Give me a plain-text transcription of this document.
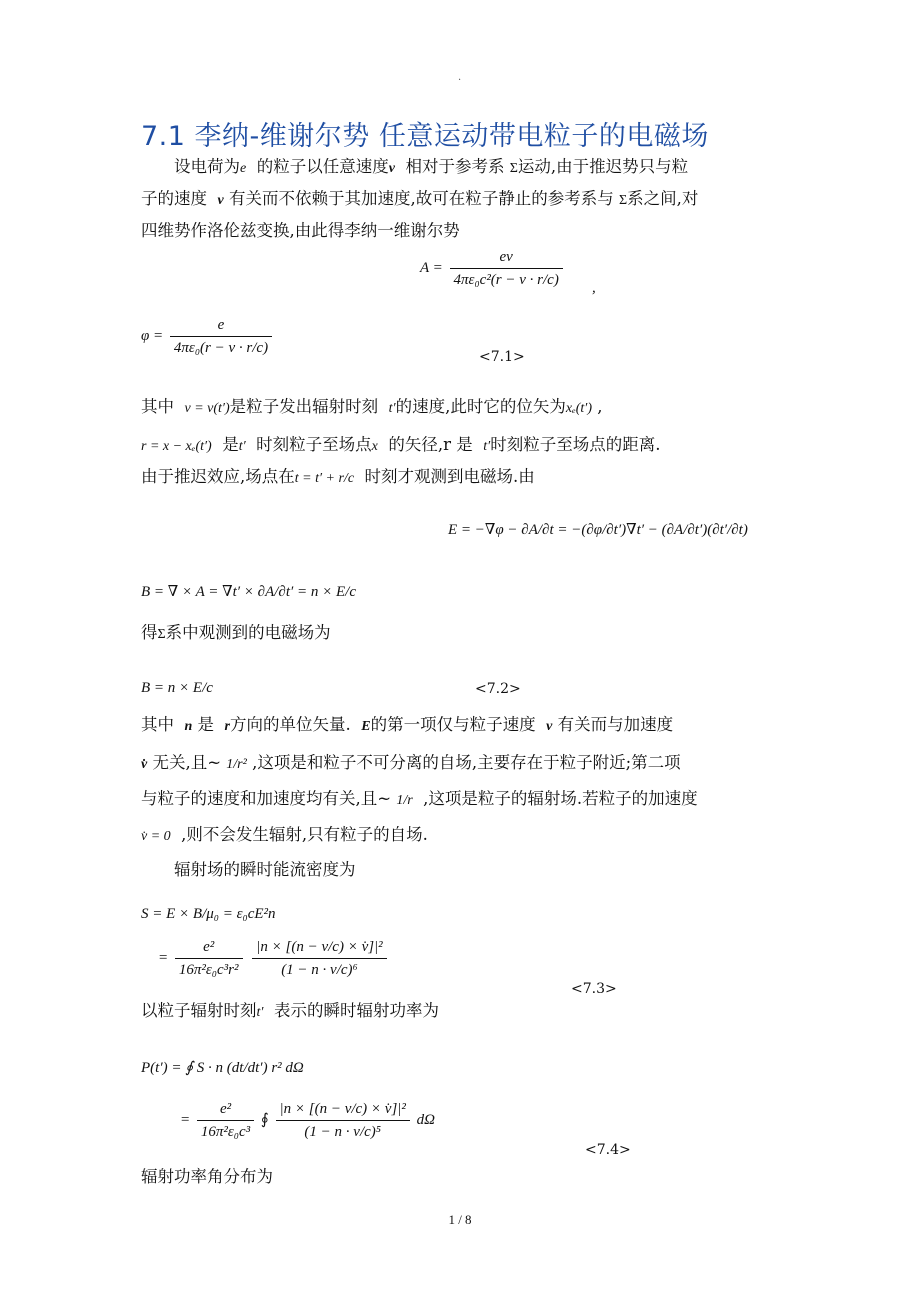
.
7.1 李纳-维谢尔势 任意运动带电粒子的电磁场
设电荷为e 的粒子以任意速度v 相对于参考系 Σ运动,由于推迟势只与粒
子的速度 v 有关而不依赖于其加速度,故可在粒子静止的参考系与 Σ系之间,对
四维势作洛伦兹变换,由此得李纳一维谢尔势
$A = \frac{ev}{\text{4πε₀c²(r − v · r/c)}}$ ,
$\varphi = \frac{e}{\text{4πε₀(r − v · r/c)}}$	<7.1>
其中 v = v(t′)是粒子发出辐射时刻 t′的速度,此时它的位矢为xₑ(t′) ,
r = x − xₑ(t′) 是t′ 时刻粒子至场点x 的矢径,r 是 t′时刻粒子至场点的距离.
由于推迟效应,场点在t = t′ + r/c 时刻才观测到电磁场.由
E = −∇φ − ∂A/∂t = −(∂φ/∂t′)∇t′ − (∂A/∂t′)(∂t′/∂t)
B = ∇ × A = ∇t′ × ∂A/∂t′ = n × E/c
得Σ系中观测到的电磁场为
B = n × E/c	<7.2>
其中 n 是 r方向的单位矢量. E的第一项仅与粒子速度 v 有关而与加速度
v̇ 无关,且~ 1/r² ,这项是和粒子不可分离的自场,主要存在于粒子附近;第二项
与粒子的速度和加速度均有关,且~ 1/r ,这项是粒子的辐射场.若粒子的加速度
v̇ = 0 ,则不会发生辐射,只有粒子的自场.
辐射场的瞬时能流密度为
S = E × B/μ₀ = ε₀cE²n
= $\frac{\text{e²}}{\text{16π²ε₀c³r²}}$
$\frac{\text{|n × [(n − v/c) × v̇]|²}}{\text{(1 − n · v/c)⁶}}$
<7.3>
以粒子辐射时刻t′ 表示的瞬时辐射功率为
P(t′) = ∮ S · n (dt/dt′) r² dΩ
= $\frac{\text{e²}}{\text{16π²ε₀c³}}$ ∮ $\frac{\text{|n × [(n − v/c) × v̇]|²}}{\text{(1 − n · v/c)⁵}}$ dΩ
<7.4>
辐射功率角分布为
1 / 8
